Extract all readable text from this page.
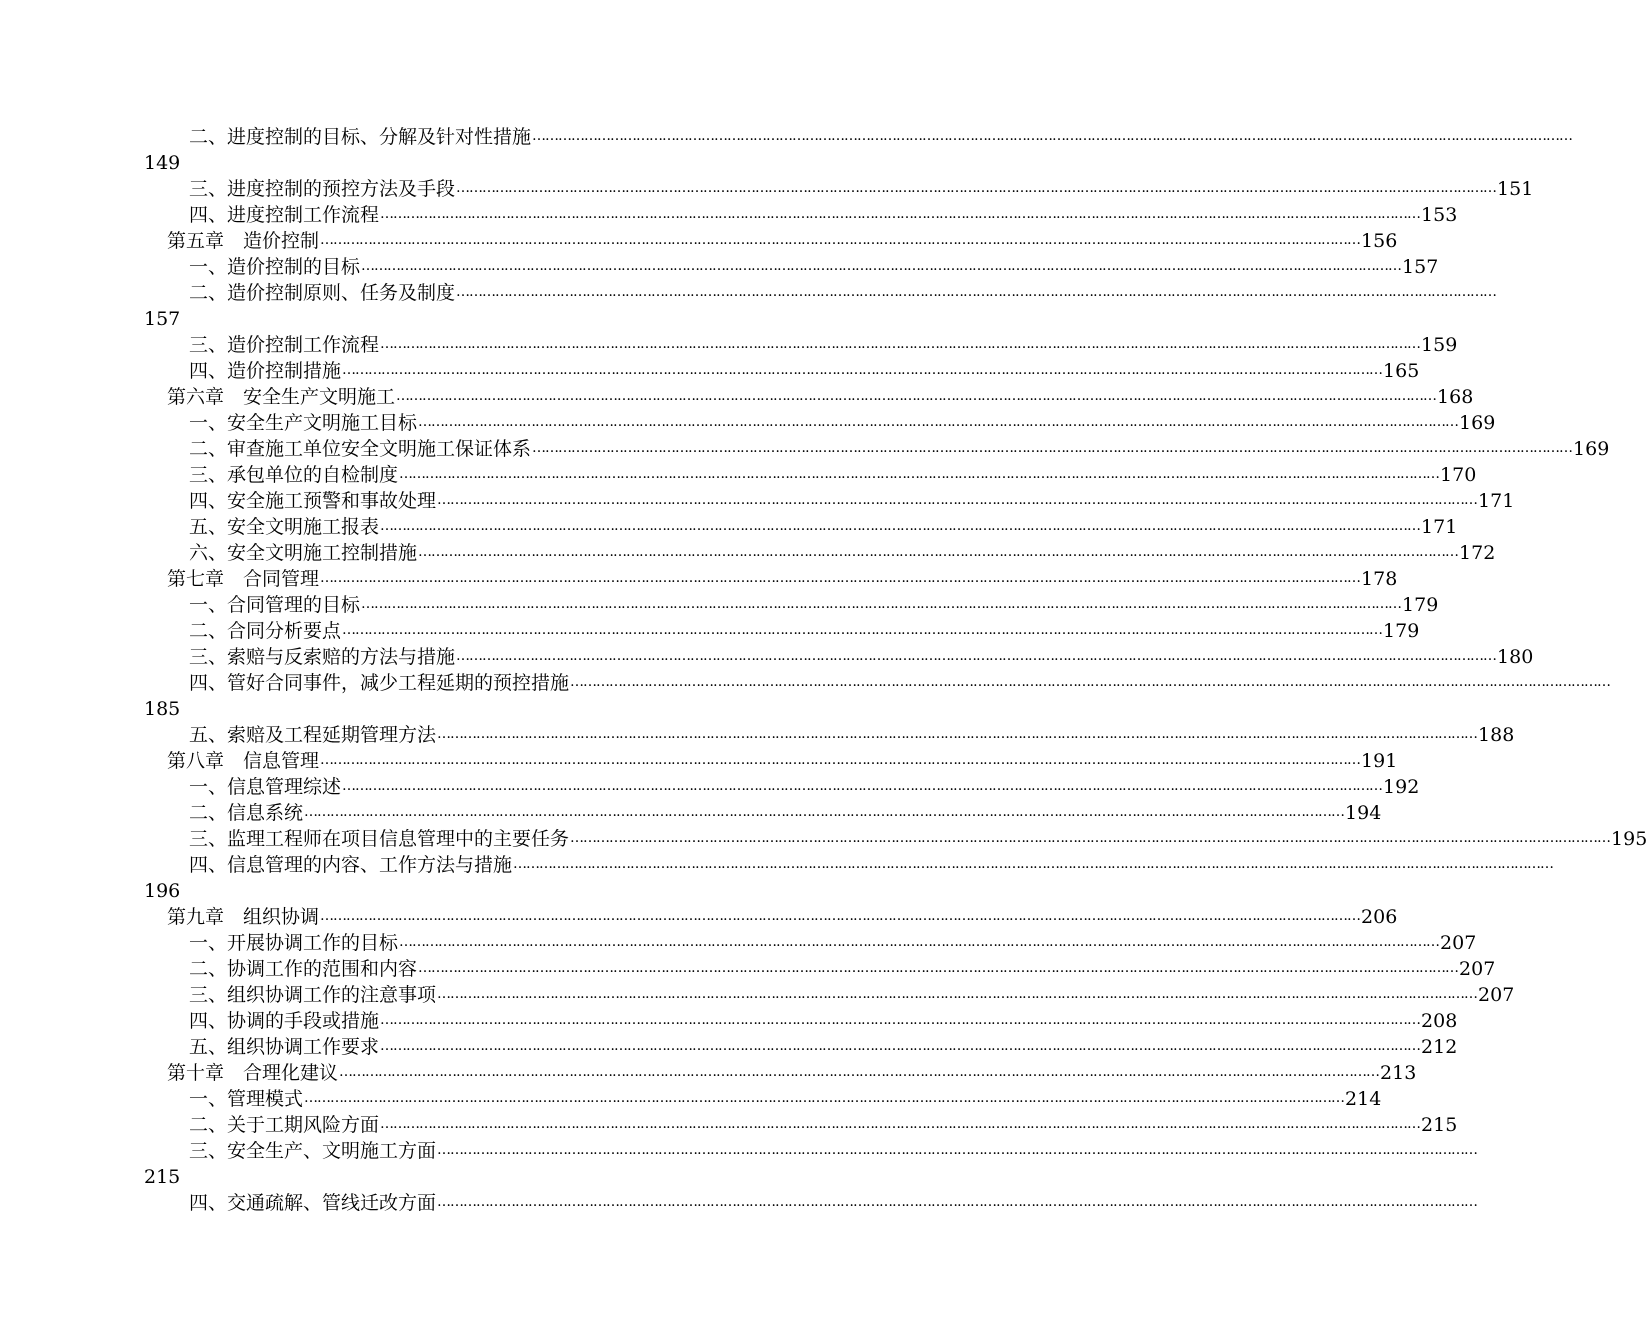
二、进度控制的目标、分解及针对性措施 ……………………………………………………………………………………………………………………………………………………………………………………………………………………
149
三、进度控制的预控方法及手段 …………………………………………………………………………………………………………………………………………………………………………………………………………………… 151
四、进度控制工作流程 …………………………………………………………………………………………………………………………………………………………………………………………………………………… 153
第五章　造价控制 …………………………………………………………………………………………………………………………………………………………………………………………………………………… 156
一、造价控制的目标 …………………………………………………………………………………………………………………………………………………………………………………………………………………… 157
二、造价控制原则、任务及制度 ……………………………………………………………………………………………………………………………………………………………………………………………………………………
157
三、造价控制工作流程 …………………………………………………………………………………………………………………………………………………………………………………………………………………… 159
四、造价控制措施 …………………………………………………………………………………………………………………………………………………………………………………………………………………… 165
第六章　安全生产文明施工 …………………………………………………………………………………………………………………………………………………………………………………………………………………… 168
一、安全生产文明施工目标 …………………………………………………………………………………………………………………………………………………………………………………………………………………… 169
二、审查施工单位安全文明施工保证体系 …………………………………………………………………………………………………………………………………………………………………………………………………………………… 169
三、承包单位的自检制度 …………………………………………………………………………………………………………………………………………………………………………………………………………………… 170
四、安全施工预警和事故处理 …………………………………………………………………………………………………………………………………………………………………………………………………………………… 171
五、安全文明施工报表 …………………………………………………………………………………………………………………………………………………………………………………………………………………… 171
六、安全文明施工控制措施 …………………………………………………………………………………………………………………………………………………………………………………………………………………… 172
第七章　合同管理 …………………………………………………………………………………………………………………………………………………………………………………………………………………… 178
一、合同管理的目标 …………………………………………………………………………………………………………………………………………………………………………………………………………………… 179
二、合同分析要点 …………………………………………………………………………………………………………………………………………………………………………………………………………………… 179
三、索赔与反索赔的方法与措施 …………………………………………………………………………………………………………………………………………………………………………………………………………………… 180
四、管好合同事件，减少工程延期的预控措施 ……………………………………………………………………………………………………………………………………………………………………………………………………………………
185
五、索赔及工程延期管理方法 …………………………………………………………………………………………………………………………………………………………………………………………………………………… 188
第八章　信息管理 …………………………………………………………………………………………………………………………………………………………………………………………………………………… 191
一、信息管理综述 …………………………………………………………………………………………………………………………………………………………………………………………………………………… 192
二、信息系统 …………………………………………………………………………………………………………………………………………………………………………………………………………………… 194
三、监理工程师在项目信息管理中的主要任务 …………………………………………………………………………………………………………………………………………………………………………………………………………………… 195
四、信息管理的内容、工作方法与措施 ……………………………………………………………………………………………………………………………………………………………………………………………………………………
196
第九章　组织协调 …………………………………………………………………………………………………………………………………………………………………………………………………………………… 206
一、开展协调工作的目标 …………………………………………………………………………………………………………………………………………………………………………………………………………………… 207
二、协调工作的范围和内容 …………………………………………………………………………………………………………………………………………………………………………………………………………………… 207
三、组织协调工作的注意事项 …………………………………………………………………………………………………………………………………………………………………………………………………………………… 207
四、协调的手段或措施 …………………………………………………………………………………………………………………………………………………………………………………………………………………… 208
五、组织协调工作要求 …………………………………………………………………………………………………………………………………………………………………………………………………………………… 212
第十章　合理化建议 …………………………………………………………………………………………………………………………………………………………………………………………………………………… 213
一、管理模式 …………………………………………………………………………………………………………………………………………………………………………………………………………………… 214
二、关于工期风险方面 …………………………………………………………………………………………………………………………………………………………………………………………………………………… 215
三、安全生产、文明施工方面 ……………………………………………………………………………………………………………………………………………………………………………………………………………………
215
四、交通疏解、管线迁改方面 ……………………………………………………………………………………………………………………………………………………………………………………………………………………
